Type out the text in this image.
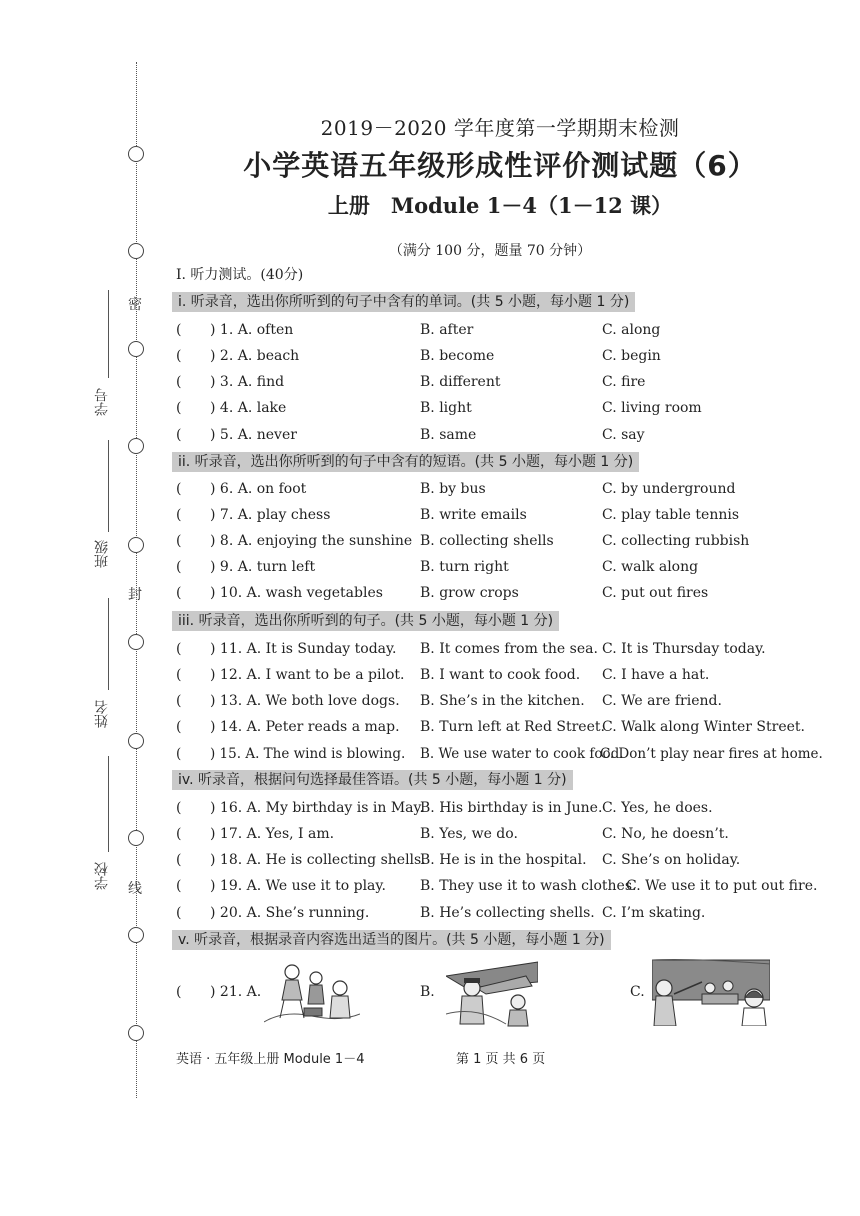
密
封
线
学号
班级
姓名
学校
2019－2020 学年度第一学期期末检测
小学英语五年级形成性评价测试题（6）
上册　Module 1－4（1－12 课）
（满分 100 分，题量 70 分钟）
I. 听力测试。(40分)
i. 听录音，选出你所听到的句子中含有的单词。(共 5 小题，每小题 1 分)
( ) 1. A. often	B. after	C. along
( ) 2. A. beach	B. become	C. begin
( ) 3. A. find	B. different	C. fire
( ) 4. A. lake	B. light	C. living room
( ) 5. A. never	B. same	C. say
ii. 听录音，选出你所听到的句子中含有的短语。(共 5 小题，每小题 1 分)
( ) 6. A. on foot	B. by bus	C. by underground
( ) 7. A. play chess	B. write emails	C. play table tennis
( ) 8. A. enjoying the sunshine B. collecting shells	C. collecting rubbish
( ) 9. A. turn left	B. turn right	C. walk along
( ) 10. A. wash vegetables	B. grow crops	C. put out fires
iii. 听录音，选出你所听到的句子。(共 5 小题，每小题 1 分)
( ) 11. A. It is Sunday today. B. It comes from the sea. C. It is Thursday today.
( ) 12. A. I want to be a pilot. B. I want to cook food. C. I have a hat.
( ) 13. A. We both love dogs. B. She’s in the kitchen. C. We are friend.
( ) 14. A. Peter reads a map. B. Turn left at Red Street.
C. Walk along Winter Street.
( ) 15. A. The wind is blowing. B. We use water to cook food.
C. Don’t play near fires at home.
iv. 听录音，根据问句选择最佳答语。(共 5 小题，每小题 1 分)
( ) 16. A. My birthday is in May.
B. His birthday is in June. C. Yes, he does.
( ) 17. A. Yes, I am.	B. Yes, we do.	C. No, he doesn’t.
( ) 18. A. He is collecting shells.
B. He is in the hospital. C. She’s on holiday.
( ) 19. A. We use it to play. B. They use it to wash clothes.
C. We use it to put out fire.
( ) 20. A. She’s running.	B. He’s collecting shells. C. I’m skating.
v. 听录音，根据录音内容选出适当的图片。(共 5 小题，每小题 1 分)
( ) 21. A.	B.	C.
英语 · 五年级上册 Module 1－4	第 1 页 共 6 页
